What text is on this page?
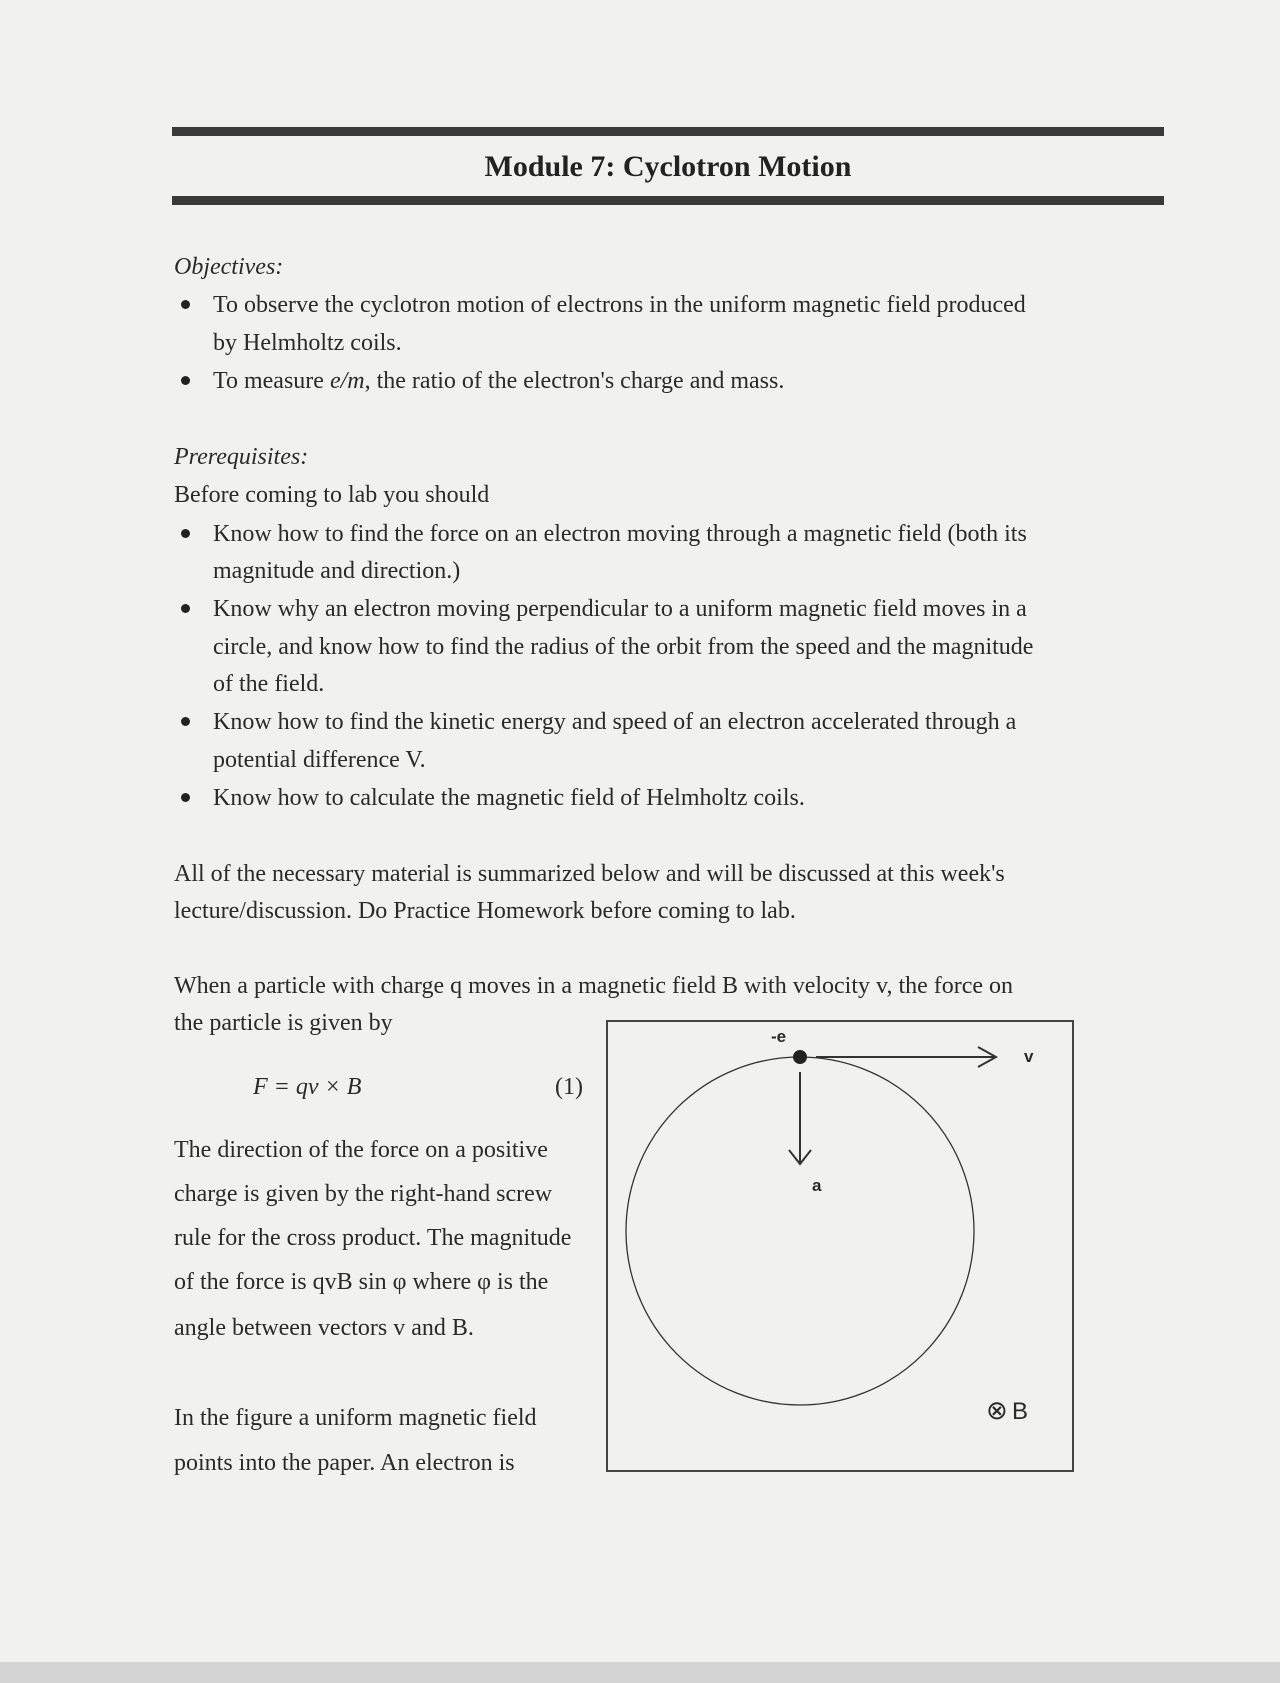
Module 7: Cyclotron Motion
Objectives:
To observe the cyclotron motion of electrons in the uniform magnetic field produced
by Helmholtz coils.
To measure e/m, the ratio of the electron's charge and mass.
Prerequisites:
Before coming to lab you should
Know how to find the force on an electron moving through a magnetic field (both its
magnitude and direction.)
Know why an electron moving perpendicular to a uniform magnetic field moves in a
circle, and know how to find the radius of the orbit from the speed and the magnitude
of the field.
Know how to find the kinetic energy and speed of an electron accelerated through a
potential difference V.
Know how to calculate the magnetic field of Helmholtz coils.
All of the necessary material is summarized below and will be discussed at this week's
lecture/discussion. Do Practice Homework before coming to lab.
When a particle with charge q moves in a magnetic field B with velocity v, the force on
the particle is given by
F = qv × B	(1)
The direction of the force on a positive
charge is given by the right-hand screw
rule for the cross product. The magnitude
of the force is qvB sin φ where φ is the
angle between vectors v and B.
In the figure a uniform magnetic field
points into the paper. An electron is
-e
v
a
⊗ B
